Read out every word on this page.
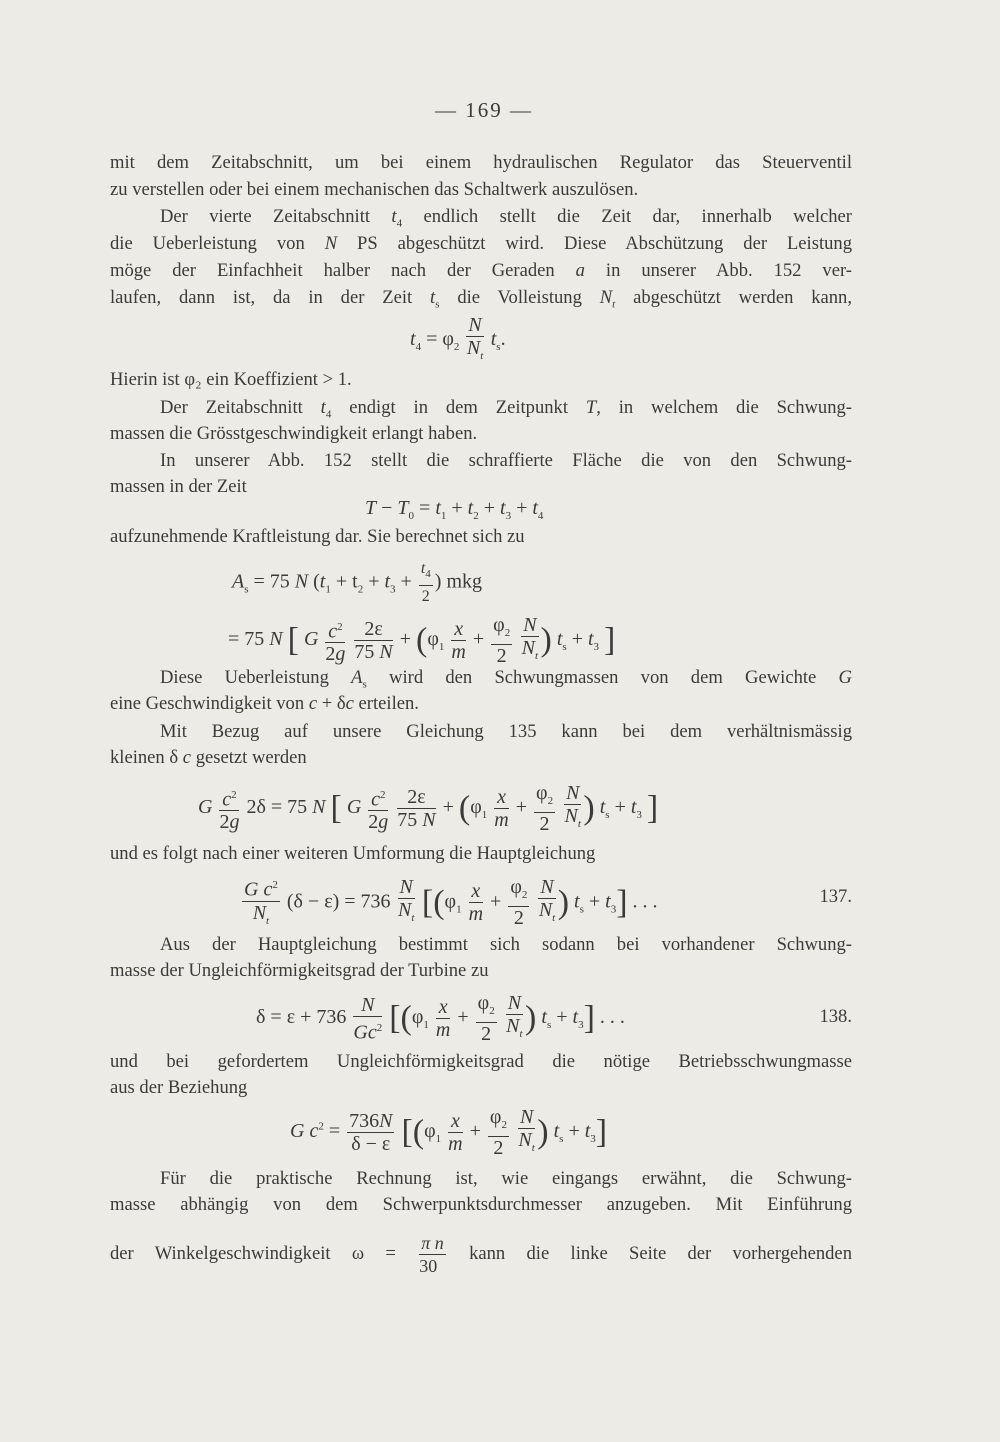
— 169 —
mit dem Zeitabschnitt, um bei einem hydraulischen Regulator das Steuerventil
zu verstellen oder bei einem mechanischen das Schaltwerk auszulösen.
Der vierte Zeitabschnitt $t_4$ endlich stellt die Zeit dar, innerhalb welcher
die Ueberleistung von N PS abgeschützt wird. Diese Abschützung der Leistung
möge der Einfachheit halber nach der Geraden a in unserer Abb. 152 ver-
laufen, dann ist, da in der Zeit $t_s$ die Volleistung $N_t$ abgeschützt werden kann,
$t_4 = \varphi_2 \frac{N}{N_t} t_s$.
Hierin ist φ₂ ein Koeffizient > 1.
Der Zeitabschnitt $t_4$ endigt in dem Zeitpunkt T, in welchem die Schwung-
massen die Grösstgeschwindigkeit erlangt haben.
In unserer Abb. 152 stellt die schraffierte Fläche die von den Schwung-
massen in der Zeit
$T - T_0 = t_1 + t_2 + t_3 + t_4$
aufzunehmende Kraftleistung dar. Sie berechnet sich zu
$A_s = 75$ N ($t_1 + t_2 + t_3 + \frac{t_4}{2}$ ) mkg
= 75 N [ G $\frac{c^2}{2g}$
$\frac{2\varepsilon}{75 N} + (\varphi_1 \frac{x}{m} + \frac{\varphi_2}{2}$
$\frac{N}{N_t}$ ) $t_s + t_3$ ]
Diese Ueberleistung $A_s$ wird den Schwungmassen von dem Gewichte G
eine Geschwindigkeit von c + δc erteilen.
Mit Bezug auf unsere Gleichung 135 kann bei dem verhältnismässig
kleinen δ c gesetzt werden
G $\frac{c^2}{2g} 2\delta = 75$ N [ G $\frac{c^2}{2g}$
$\frac{2\varepsilon}{75 N} + (\varphi_1 \frac{x}{m} + \frac{\varphi_2}{2}$
$\frac{N}{N_t}$ ) $t_s + t_3$ ]
und es folgt nach einer weiteren Umformung die Hauptgleichung
$\frac{G c^2}{N_t} (\delta - \varepsilon) = 736 \frac{N}{N_t} [(\varphi_1 \frac{x}{m} + \frac{\varphi_2}{2}$
$\frac{N}{N_t}$ ) $t_s + t_3$] . . .	137.
Aus der Hauptgleichung bestimmt sich sodann bei vorhandener Schwung-
masse der Ungleichförmigkeitsgrad der Turbine zu
$\delta = \varepsilon + 736 \frac{N}{Gc^2} [(\varphi_1 \frac{x}{m} + \frac{\varphi_2}{2}$
$\frac{N}{N_t}$ ) $t_s + t_3$] . . .	138.
und bei gefordertem Ungleichförmigkeitsgrad die nötige Betriebsschwungmasse
aus der Beziehung
G $c^2 = \frac{736N}{\delta - \varepsilon} [(\varphi_1 \frac{x}{m} + \frac{\varphi_2}{2}$
$\frac{N}{N_t}$ ) $t_s + t_3$]
Für die praktische Rechnung ist, wie eingangs erwähnt, die Schwung-
masse abhängig von dem Schwerpunktsdurchmesser anzugeben. Mit Einführung
der Winkelgeschwindigkeit $\omega = \frac{\text{π n}}{30}$ kann die linke Seite der vorhergehenden
